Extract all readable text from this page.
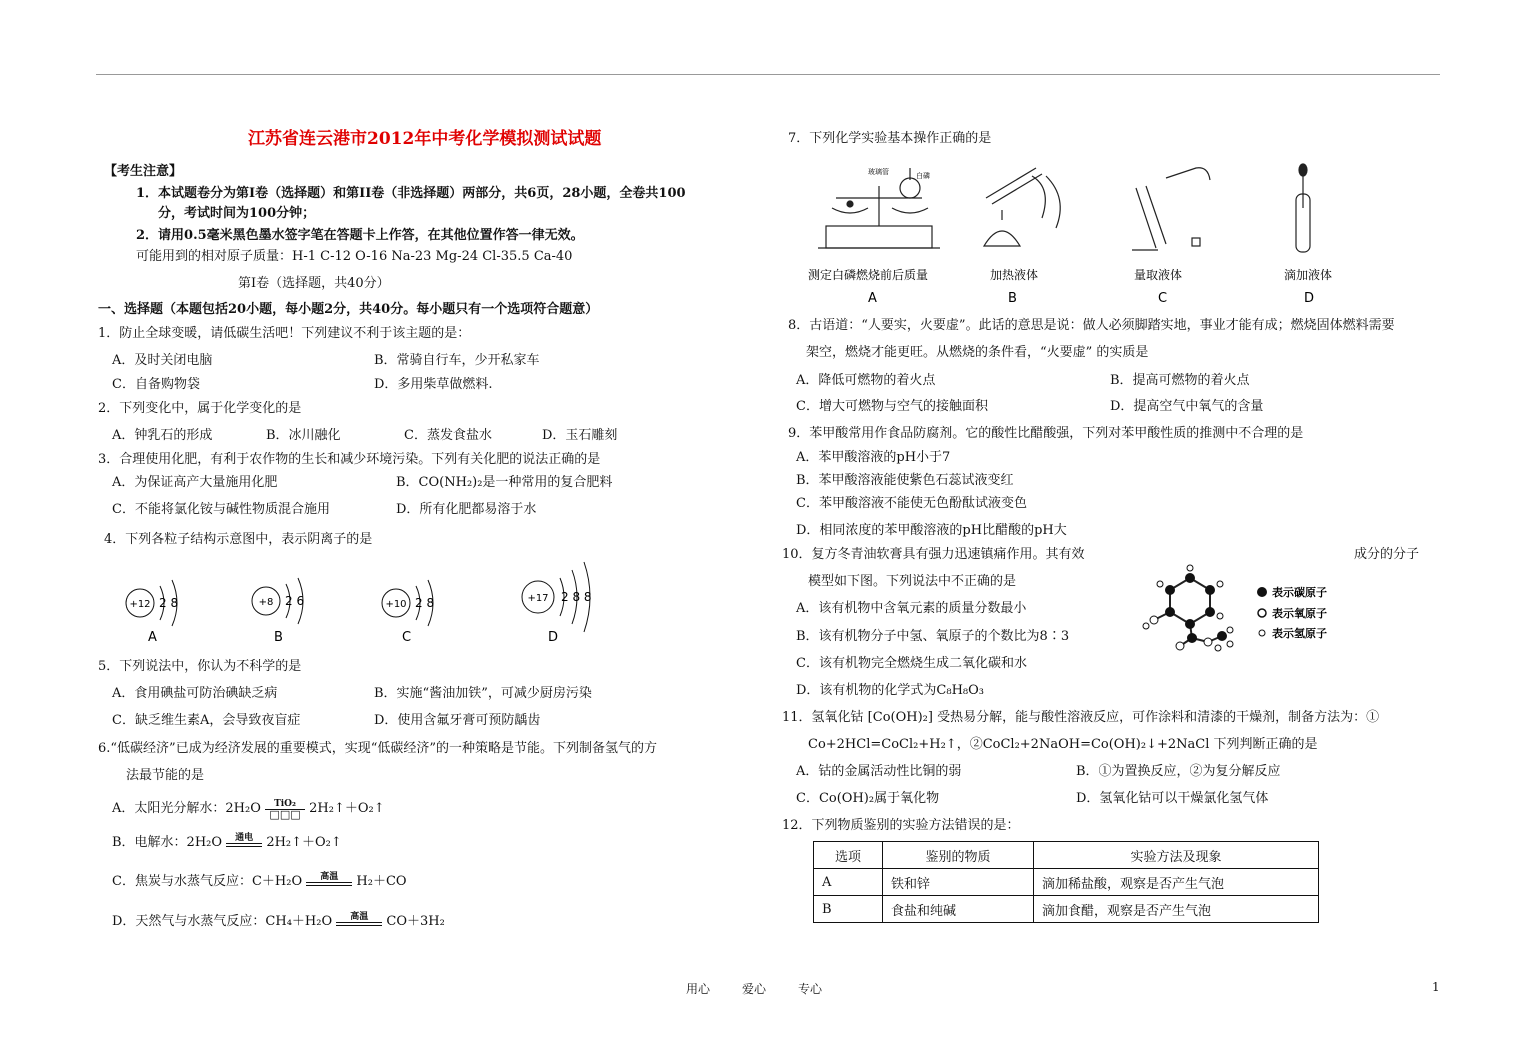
江苏省连云港市2012年中考化学模拟测试试题
【考生注意】
1．本试题卷分为第Ⅰ卷（选择题）和第II卷（非选择题）两部分，共6页，28小题，全卷共100
分，考试时间为100分钟；
2．请用0.5毫米黑色墨水签字笔在答题卡上作答，在其他位置作答一律无效。
可能用到的相对原子质量：H-1 C-12 O-16 Na-23 Mg-24 Cl-35.5 Ca-40
第Ⅰ卷（选择题，共40分）
一、选择题（本题包括20小题，每小题2分，共40分。每小题只有一个选项符合题意）
1．防止全球变暖，请低碳生活吧！下列建议不利于该主题的是：
A．及时关闭电脑	B．常骑自行车，少开私家车
C．自备购物袋	D．多用柴草做燃料.
2．下列变化中，属于化学变化的是
A．钟乳石的形成	B．冰川融化	C．蒸发食盐水	D．玉石雕刻
3．合理使用化肥，有利于农作物的生长和减少环境污染。下列有关化肥的说法正确的是
A．为保证高产大量施用化肥	B．CO(NH₂)₂是一种常用的复合肥料
C．不能将氯化铵与碱性物质混合施用	D．所有化肥都易溶于水
4．下列各粒子结构示意图中，表示阴离子的是
+12 2 8
A
+8 2 6
B
+10 2 8
C
+17 2 8 8
D
5．下列说法中，你认为不科学的是
A．食用碘盐可防治碘缺乏病	B．实施“酱油加铁”，可减少厨房污染
C．缺乏维生素A，会导致夜盲症	D．使用含氟牙膏可预防龋齿
6.“低碳经济”已成为经济发展的重要模式，实现“低碳经济”的一种策略是节能。下列制备氢气的方
法最节能的是
A．太阳光分解水：2H₂O	TiO₂
□□□ 2H₂↑＋O₂↑
B．电解水：2H₂O	通电	2H₂↑＋O₂↑
C．焦炭与水蒸气反应：C＋H₂O	高温	H₂＋CO
D．天然气与水蒸气反应：CH₄＋H₂O	高温	CO＋3H₂
7．下列化学实验基本操作正确的是
玻璃管	白磷
测定白磷燃烧前后质量
A
加热液体
B
量取液体
C
滴加液体
D
8．古语道：“人要实，火要虚”。此话的意思是说：做人必须脚踏实地，事业才能有成；燃烧固体燃料需要
架空，燃烧才能更旺。从燃烧的条件看，“火要虚” 的实质是
A．降低可燃物的着火点	B．提高可燃物的着火点
C．增大可燃物与空气的接触面积	D．提高空气中氧气的含量
9．苯甲酸常用作食品防腐剂。它的酸性比醋酸强，下列对苯甲酸性质的推测中不合理的是
A．苯甲酸溶液的pH小于7
B．苯甲酸溶液能使紫色石蕊试液变红
C．苯甲酸溶液不能使无色酚酞试液变色
D．相同浓度的苯甲酸溶液的pH比醋酸的pH大
10．复方冬青油软膏具有强力迅速镇痛作用。其有效	成分的分子
模型如下图。下列说法中不正确的是
A．该有机物中含氧元素的质量分数最小
B．该有机物分子中氢、氧原子的个数比为8∶3
C．该有机物完全燃烧生成二氧化碳和水
D．该有机物的化学式为C₈H₈O₃
表示碳原子
表示氧原子
表示氢原子
11．氢氧化钴 [Co(OH)₂] 受热易分解，能与酸性溶液反应，可作涂料和清漆的干燥剂，制备方法为：①
Co+2HCl=CoCl₂+H₂↑，②CoCl₂+2NaOH=Co(OH)₂↓+2NaCl 下列判断正确的是
A．钴的金属活动性比铜的弱	B．①为置换反应，②为复分解反应
C．Co(OH)₂属于氧化物	D．氢氧化钴可以干燥氯化氢气体
12．下列物质鉴别的实验方法错误的是：
选项	鉴别的物质	实验方法及现象
A	铁和锌	滴加稀盐酸，观察是否产生气泡
B	食盐和纯碱	滴加食醋，观察是否产生气泡
用心	爱心	专心	1
